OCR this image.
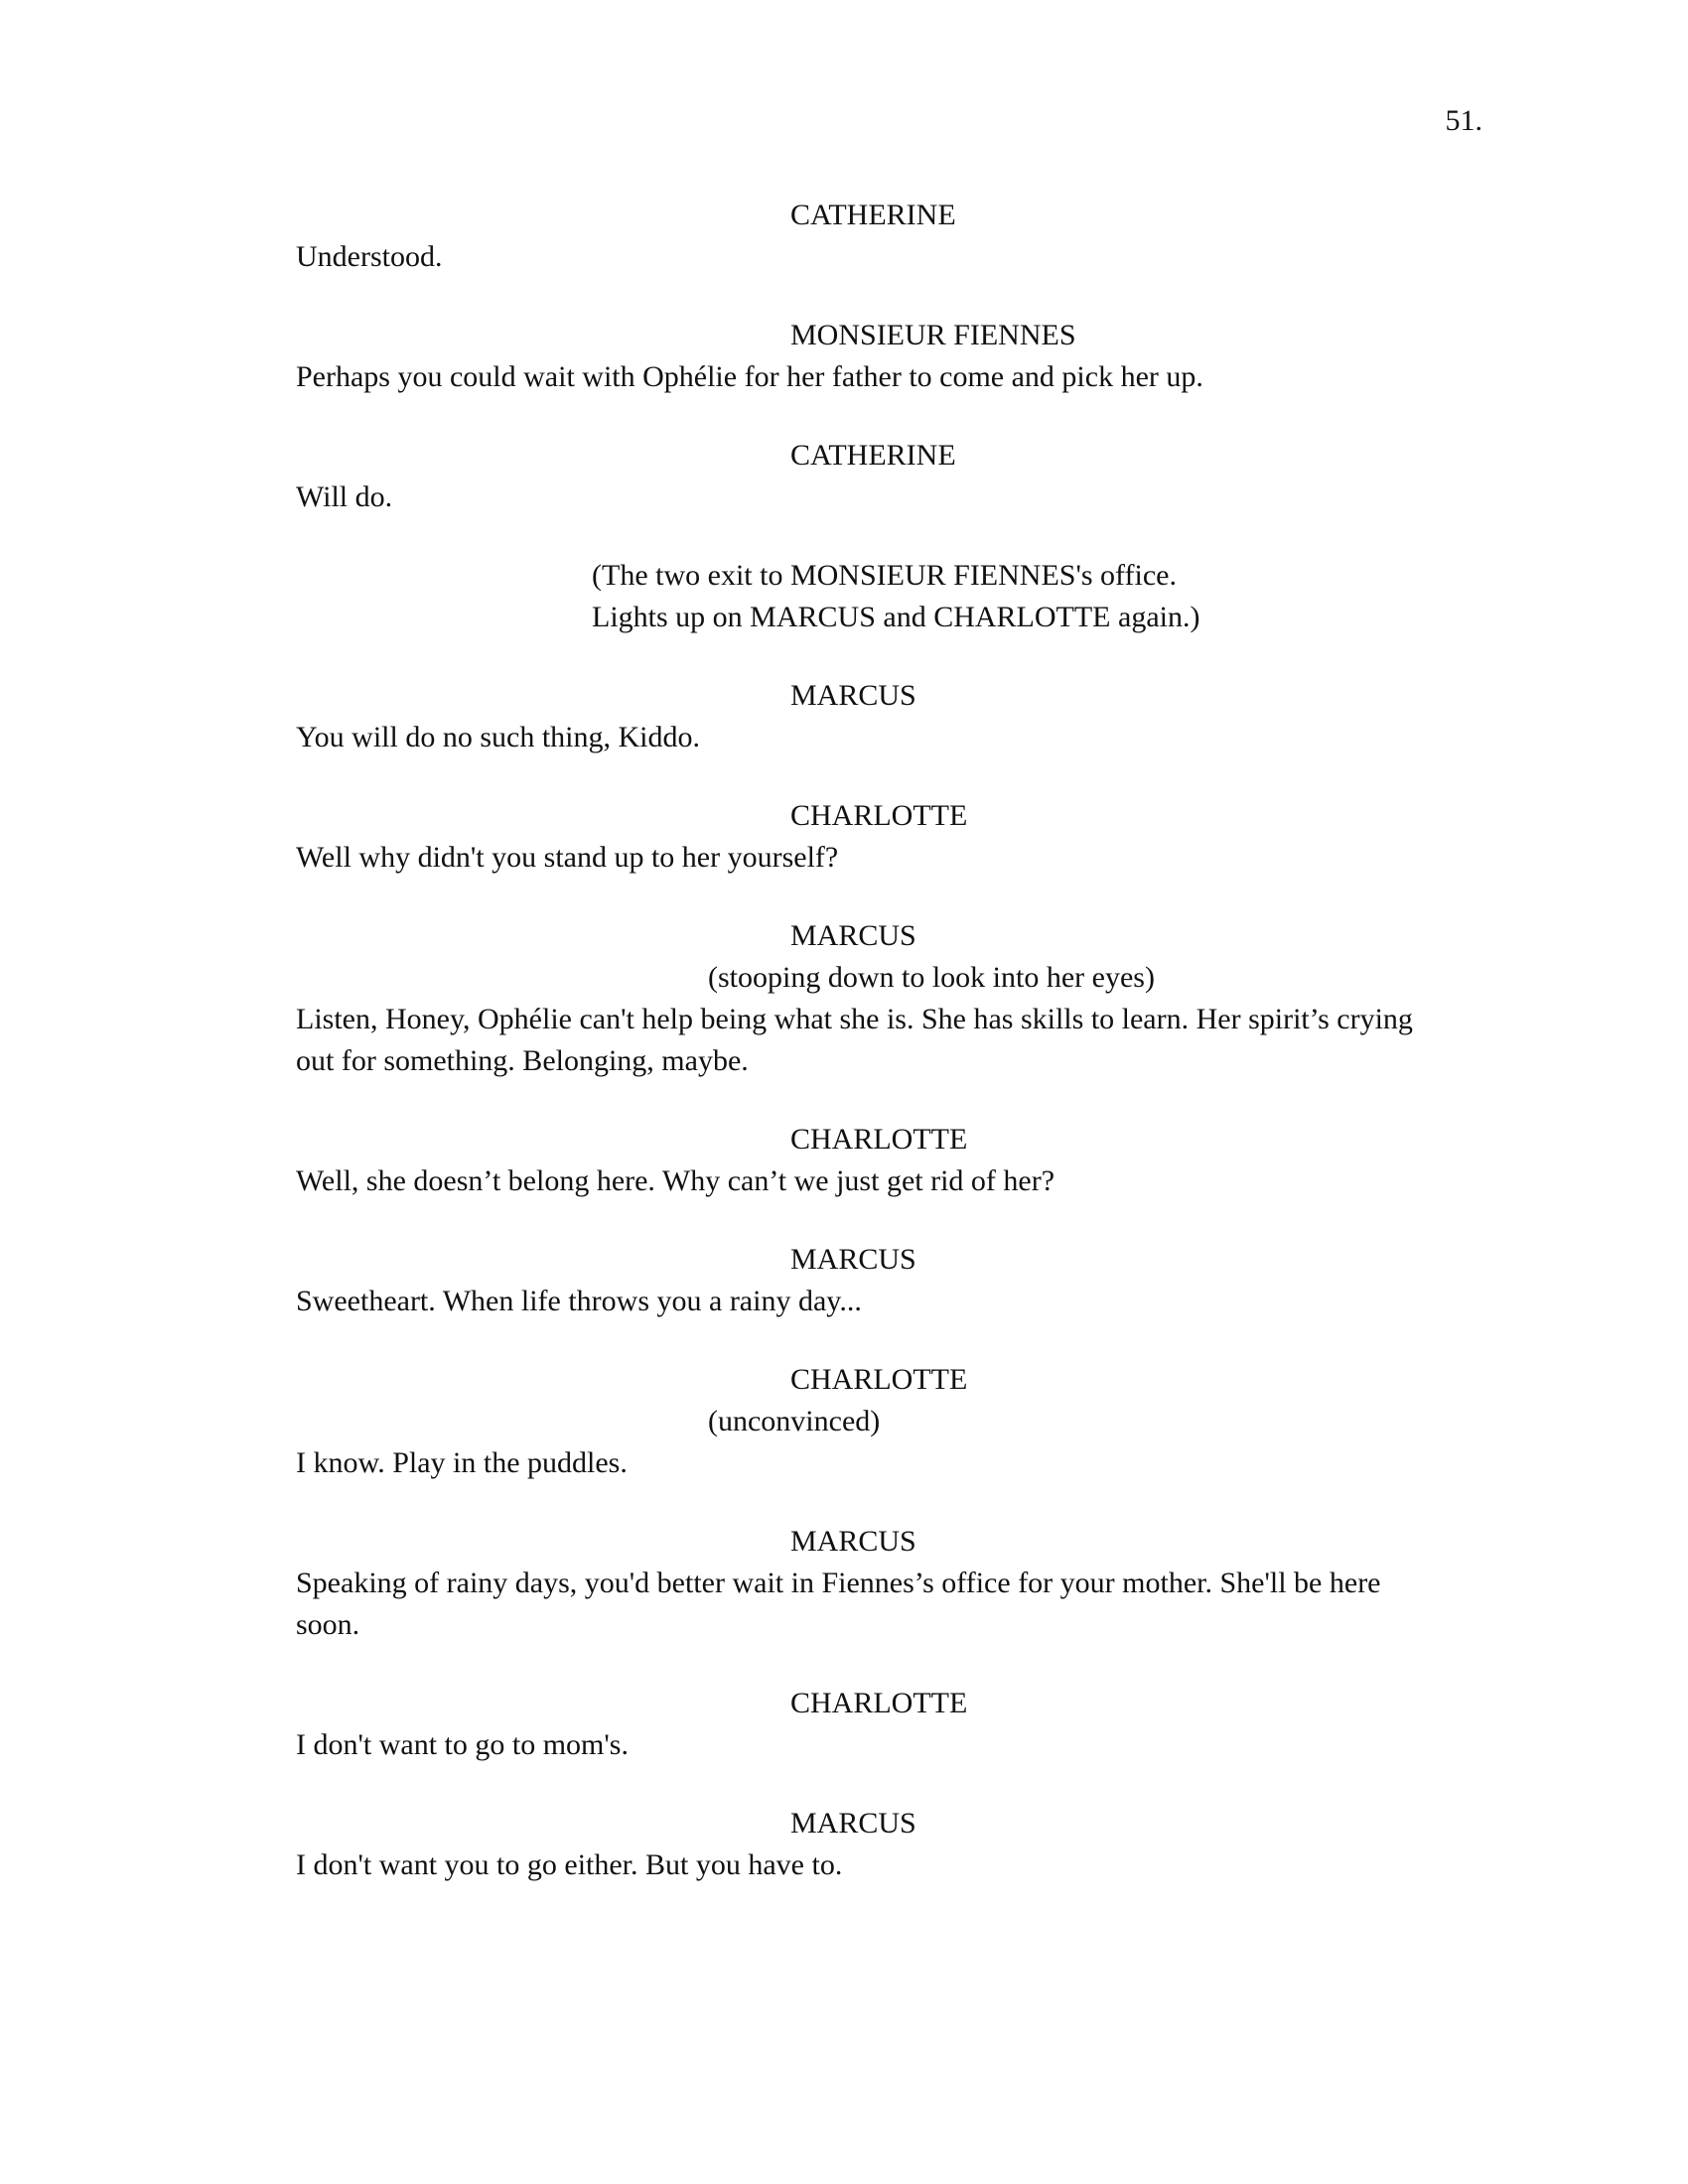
51.
CATHERINE
Understood.
MONSIEUR FIENNES
Perhaps you could wait with Ophélie for her father to come and pick her up.
CATHERINE
Will do.
(The two exit to MONSIEUR FIENNES's office.
Lights up on MARCUS and CHARLOTTE again.)
MARCUS
You will do no such thing, Kiddo.
CHARLOTTE
Well why didn't you stand up to her yourself?
MARCUS
(stooping down to look into her eyes)
Listen, Honey, Ophélie can't help being what she is. She has skills to learn. Her spirit’s crying out for something. Belonging, maybe.
CHARLOTTE
Well, she doesn’t belong here. Why can’t we just get rid of her?
MARCUS
Sweetheart. When life throws you a rainy day...
CHARLOTTE
(unconvinced)
I know. Play in the puddles.
MARCUS
Speaking of rainy days, you'd better wait in Fiennes’s office for your mother. She'll be here soon.
CHARLOTTE
I don't want to go to mom's.
MARCUS
I don't want you to go either. But you have to.
